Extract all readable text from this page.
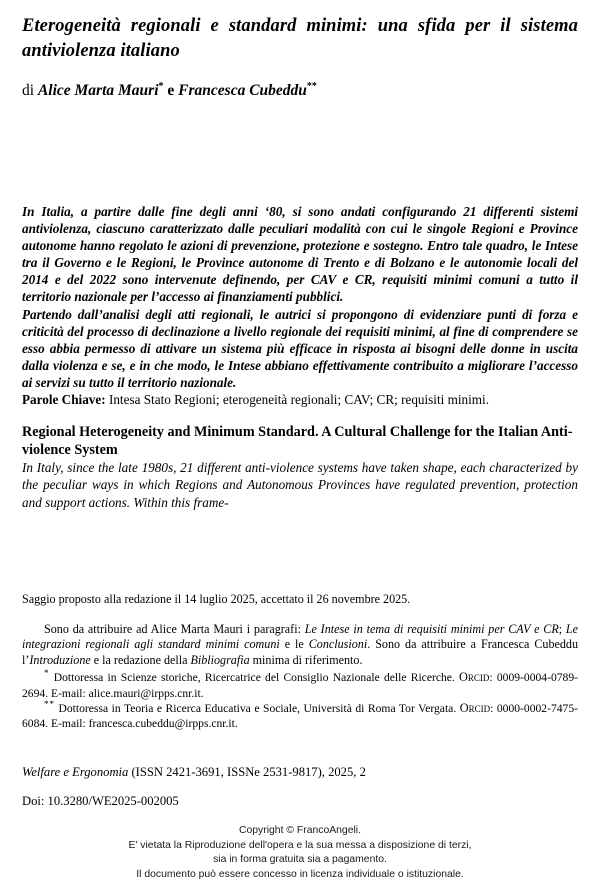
Eterogeneità regionali e standard minimi: una sfida per il sistema antiviolenza italiano

di Alice Marta Mauri* e Francesca Cubeddu**

In Italia, a partire dalle fine degli anni ‘80, si sono andati configurando 21 differenti sistemi antiviolenza, ciascuno caratterizzato dalle peculiari modalità con cui le singole Regioni e Province autonome hanno regolato le azioni di prevenzione, protezione e sostegno. Entro tale quadro, le Intese tra il Governo e le Regioni, le Province autonome di Trento e di Bolzano e le autonomie locali del 2014 e del 2022 sono intervenute definendo, per CAV e CR, requisiti minimi comuni a tutto il territorio nazionale per l’accesso ai finanziamenti pubblici.

Partendo dall’analisi degli atti regionali, le autrici si propongono di evidenziare punti di forza e criticità del processo di declinazione a livello regionale dei requisiti minimi, al fine di comprendere se esso abbia permesso di attivare un sistema più efficace in risposta ai bisogni delle donne in uscita dalla violenza e se, e in che modo, le Intese abbiano effettivamente contribuito a migliorare l’accesso ai servizi su tutto il territorio nazionale.

Parole Chiave: Intesa Stato Regioni; eterogeneità regionali; CAV; CR; requisiti minimi.

Regional Heterogeneity and Minimum Standard. A Cultural Challenge for the Italian Anti-violence System

In Italy, since the late 1980s, 21 different anti-violence systems have taken shape, each characterized by the peculiar ways in which Regions and Autonomous Provinces have regulated prevention, protection and support actions. Within this frame-

Saggio proposto alla redazione il 14 luglio 2025, accettato il 26 novembre 2025.

Sono da attribuire ad Alice Marta Mauri i paragrafi: Le Intese in tema di requisiti minimi per CAV e CR; Le integrazioni regionali agli standard minimi comuni e le Conclusioni. Sono da attribuire a Francesca Cubeddu l’Introduzione e la redazione della Bibliografia minima di riferimento.

* Dottoressa in Scienze storiche, Ricercatrice del Consiglio Nazionale delle Ricerche. Orcid: 0009-0004-0789-2694. E-mail: alice.mauri@irpps.cnr.it.

** Dottoressa in Teoria e Ricerca Educativa e Sociale, Università di Roma Tor Vergata. Orcid: 0000-0002-7475-6084. E-mail: francesca.cubeddu@irpps.cnr.it.

Welfare e Ergonomia (ISSN 2421-3691, ISSNe 2531-9817), 2025, 2
Doi: 10.3280/WE2025-002005
Copyright © FrancoAngeli.
E' vietata la Riproduzione dell'opera e la sua messa a disposizione di terzi,
sia in forma gratuita sia a pagamento.
Il documento può essere concesso in licenza individuale o istituzionale.
